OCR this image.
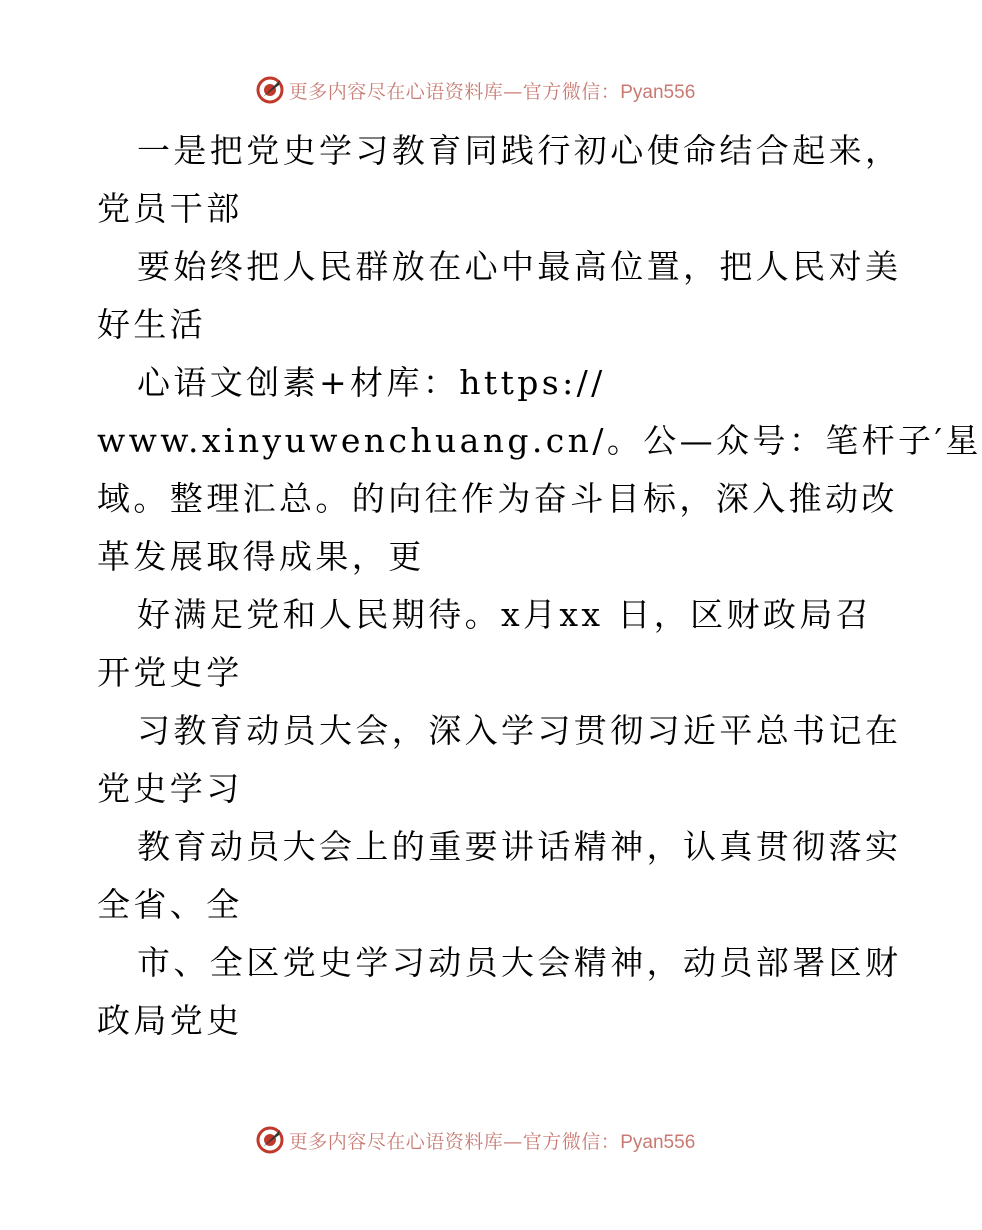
更多内容尽在心语资料库—官方微信：Pyan556
一是把党史学习教育同践行初心使命结合起来，
党员干部
要始终把人民群放在心中最高位置，把人民对美
好生活
心语文创素+材库：https://
www.xinyuwenchuang.cn/。公—众号：笔杆子′星
域。整理汇总。的向往作为奋斗目标，深入推动改
革发展取得成果，更
好满足党和人民期待。x月xx 日，区财政局召
开党史学
习教育动员大会，深入学习贯彻习近平总书记在
党史学习
教育动员大会上的重要讲话精神，认真贯彻落实
全省、全
市、全区党史学习动员大会精神，动员部署区财
政局党史
更多内容尽在心语资料库—官方微信：Pyan556
